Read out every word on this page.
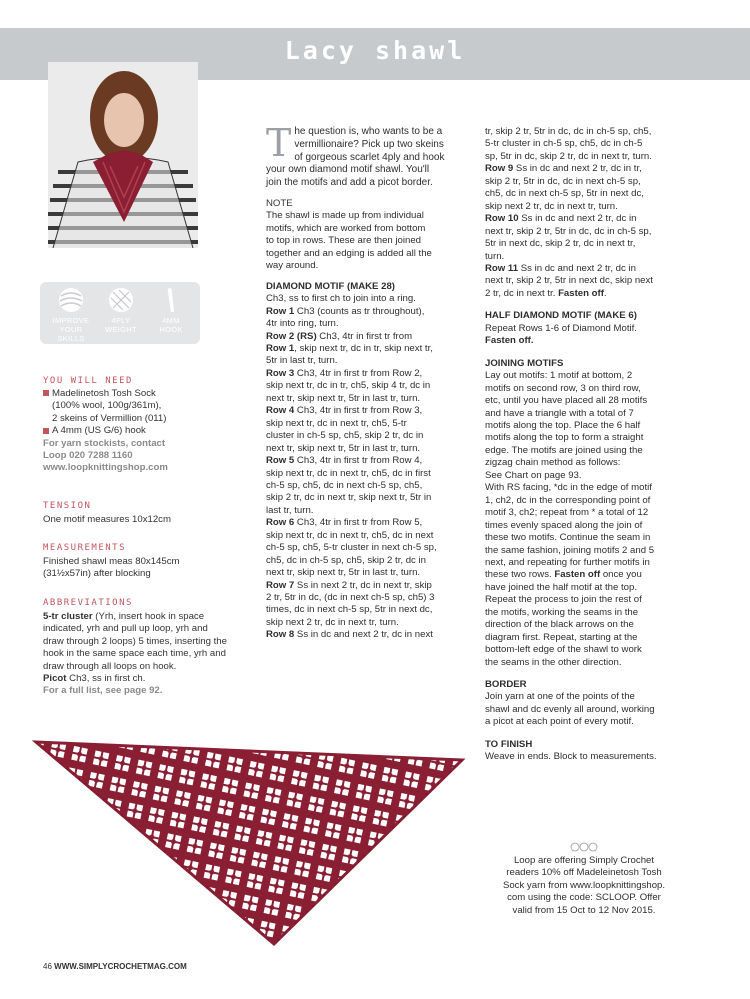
Lacy shawl
IMPROVE
YOUR SKILLS
4PLY
WEIGHT
4MM
HOOK
YOU WILL NEED
Madelinetosh Tosh Sock
(100% wool, 100g/361m),
2 skeins of Vermillion (011)
A 4mm (US G/6) hook
For yarn stockists, contact
Loop 020 7288 1160
www.loopknittingshop.com
TENSION
One motif measures 10x12cm
MEASUREMENTS
Finished shawl meas 80x145cm
(31½x57in) after blocking
ABBREVIATIONS
5-tr cluster (Yrh, insert hook in space
indicated, yrh and pull up loop, yrh and
draw through 2 loops) 5 times, inserting the
hook in the same space each time, yrh and
draw through all loops on hook.
Picot Ch3, ss in first ch.
For a full list, see page 92.
T he question is, who wants to be a
vermillionaire? Pick up two skeins
of gorgeous scarlet 4ply and hook
your own diamond motif shawl. You'll
join the motifs and add a picot border.

NOTE

The shawl is made up from individual

motifs, which are worked from bottom

to top in rows. These are then joined

together and an edging is added all the

way around.

DIAMOND MOTIF (MAKE 28)

Ch3, ss to first ch to join into a ring.

Row 1 Ch3 (counts as tr throughout),

4tr into ring, turn.

Row 2 (RS) Ch3, 4tr in first tr from

Row 1, skip next tr, dc in tr, skip next tr,

5tr in last tr, turn.

Row 3 Ch3, 4tr in first tr from Row 2,

skip next tr, dc in tr, ch5, skip 4 tr, dc in

next tr, skip next tr, 5tr in last tr, turn.

Row 4 Ch3, 4tr in first tr from Row 3,

skip next tr, dc in next tr, ch5, 5-tr

cluster in ch-5 sp, ch5, skip 2 tr, dc in

next tr, skip next tr, 5tr in last tr, turn.

Row 5 Ch3, 4tr in first tr from Row 4,

skip next tr, dc in next tr, ch5, dc in first

ch-5 sp, ch5, dc in next ch-5 sp, ch5,

skip 2 tr, dc in next tr, skip next tr, 5tr in

last tr, turn.

Row 6 Ch3, 4tr in first tr from Row 5,

skip next tr, dc in next tr, ch5, dc in next

ch-5 sp, ch5, 5-tr cluster in next ch-5 sp,

ch5, dc in ch-5 sp, ch5, skip 2 tr, dc in

next tr, skip next tr, 5tr in last tr, turn.

Row 7 Ss in next 2 tr, dc in next tr, skip

2 tr, 5tr in dc, (dc in next ch-5 sp, ch5) 3

times, dc in next ch-5 sp, 5tr in next dc,

skip next 2 tr, dc in next tr, turn.

Row 8 Ss in dc and next 2 tr, dc in next

tr, skip 2 tr, 5tr in dc, dc in ch-5 sp, ch5,

5-tr cluster in ch-5 sp, ch5, dc in ch-5

sp, 5tr in dc, skip 2 tr, dc in next tr, turn.

Row 9 Ss in dc and next 2 tr, dc in tr,

skip 2 tr, 5tr in dc, dc in next ch-5 sp,

ch5, dc in next ch-5 sp, 5tr in next dc,

skip next 2 tr, dc in next tr, turn.

Row 10 Ss in dc and next 2 tr, dc in

next tr, skip 2 tr, 5tr in dc, dc in ch-5 sp,

5tr in next dc, skip 2 tr, dc in next tr,

turn.

Row 11 Ss in dc and next 2 tr, dc in

next tr, skip 2 tr, 5tr in next dc, skip next

2 tr, dc in next tr. Fasten off.

HALF DIAMOND MOTIF (MAKE 6)

Repeat Rows 1-6 of Diamond Motif.

Fasten off.

JOINING MOTIFS

Lay out motifs: 1 motif at bottom, 2

motifs on second row, 3 on third row,

etc, until you have placed all 28 motifs

and have a triangle with a total of 7

motifs along the top. Place the 6 half

motifs along the top to form a straight

edge. The motifs are joined using the

zigzag chain method as follows:

See Chart on page 93.

With RS facing, *dc in the edge of motif

1, ch2, dc in the corresponding point of

motif 3, ch2; repeat from * a total of 12

times evenly spaced along the join of

these two motifs. Continue the seam in

the same fashion, joining motifs 2 and 5

next, and repeating for further motifs in

these two rows. Fasten off once you

have joined the half motif at the top.

Repeat the process to join the rest of

the motifs, working the seams in the

direction of the black arrows on the

diagram first. Repeat, starting at the

bottom-left edge of the shawl to work

the seams in the other direction.

BORDER

Join yarn at one of the points of the

shawl and dc evenly all around, working

a picot at each point of every motif.

TO FINISH

Weave in ends. Block to measurements.

Loop are offering Simply Crochet
readers 10% off Madeleinetosh Tosh
Sock yarn from www.loopknittingshop.
com using the code: SCLOOP. Offer
valid from 15 Oct to 12 Nov 2015.
46 WWW.SIMPLYCROCHETMAG.COM
